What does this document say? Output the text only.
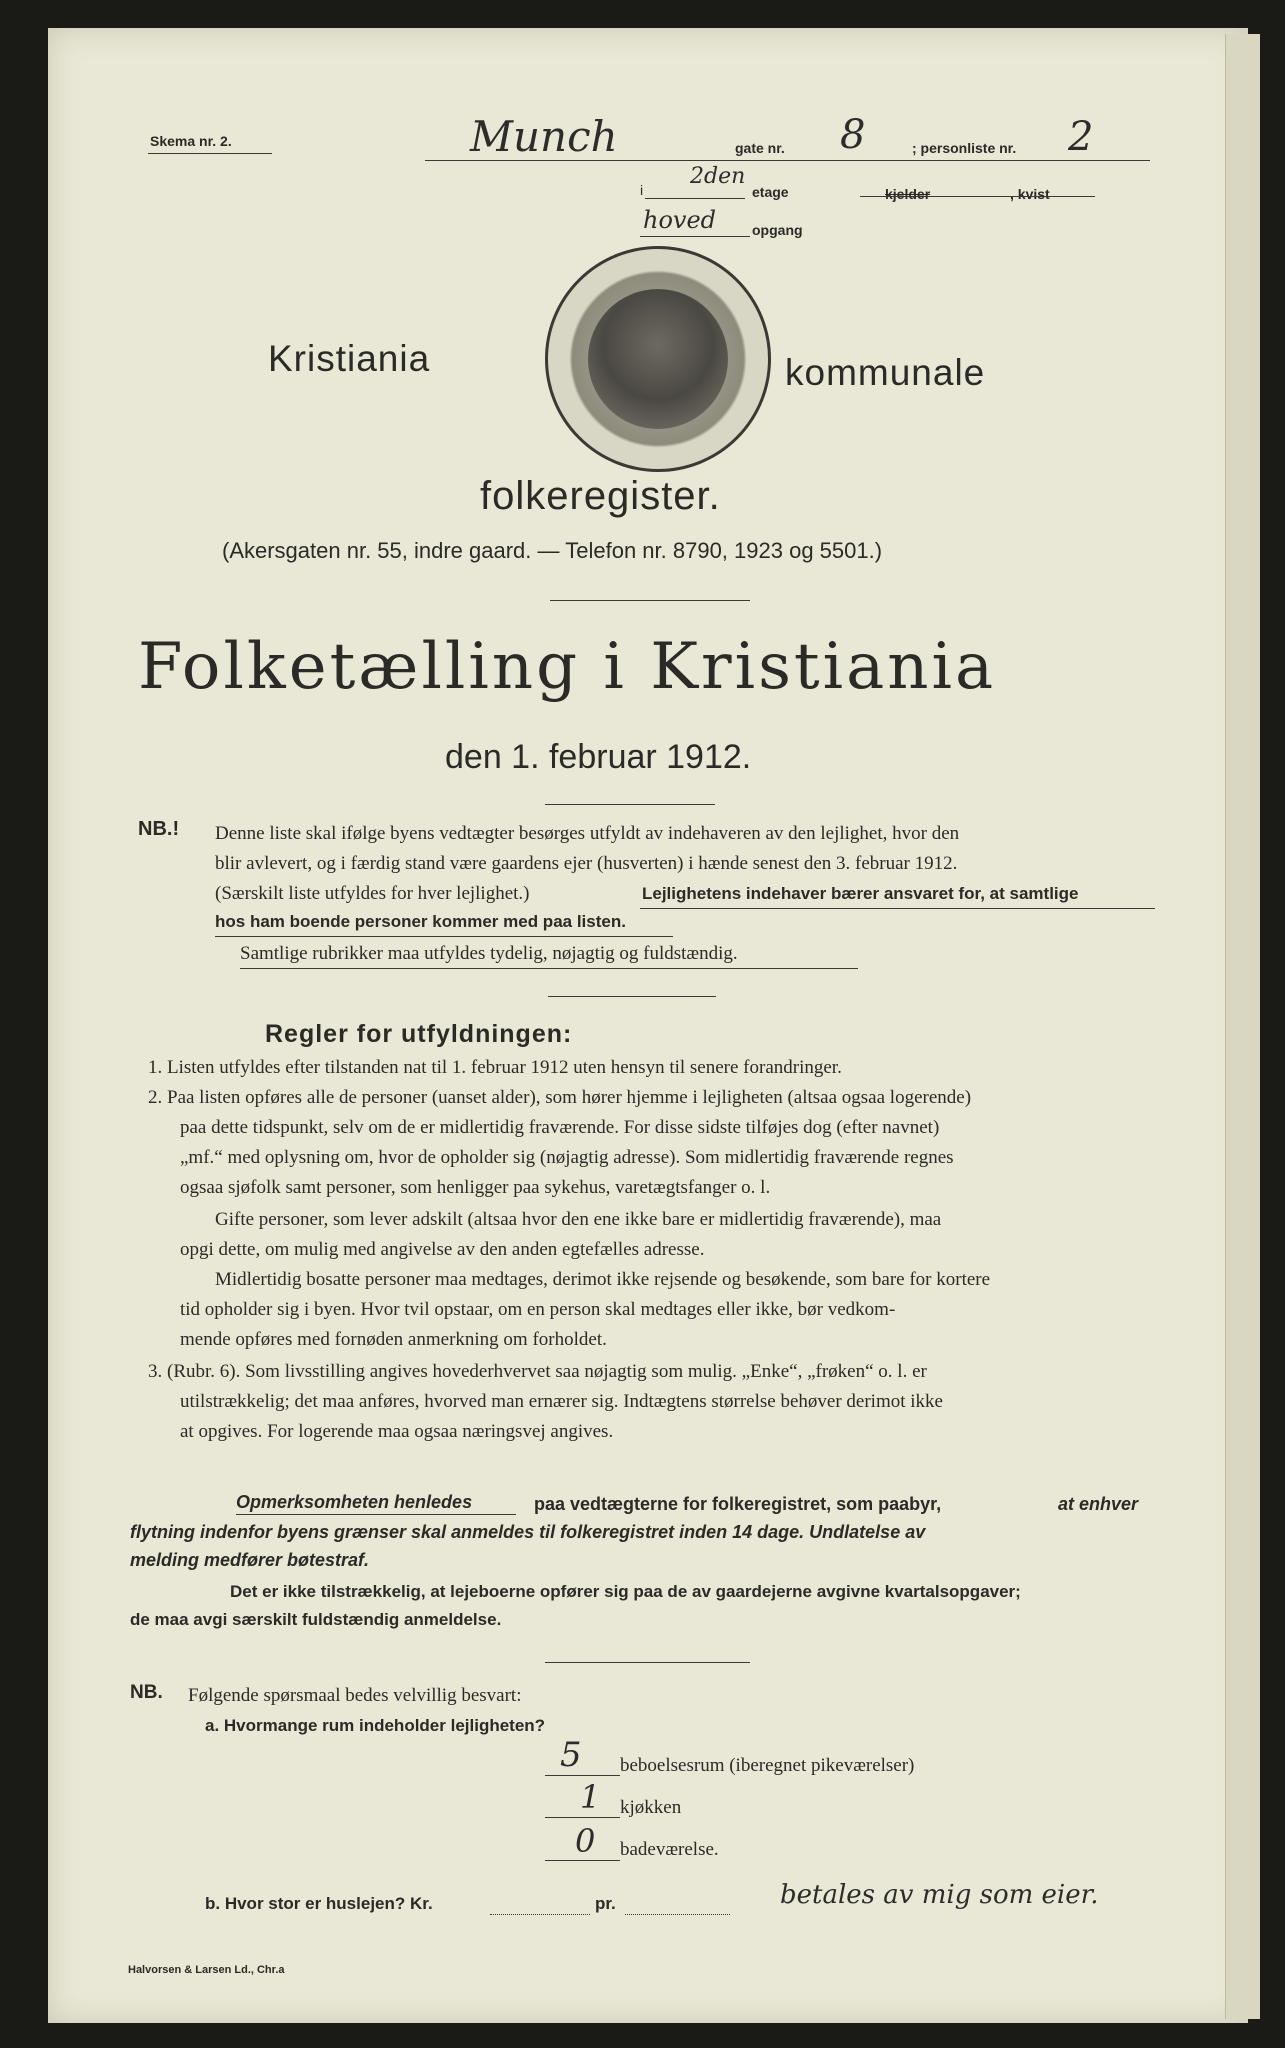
Skema nr. 2.	Munch	gate nr. 8	; personliste nr. 2
i
2den
etage	kjelder	, kvist
hoved	opgang
Kristiania	kommunale
folkeregister.
(Akersgaten nr. 55, indre gaard. — Telefon nr. 8790, 1923 og 5501.)
Folketælling i Kristiania
den 1. februar 1912.
NB.! Denne liste skal ifølge byens vedtægter besørges utfyldt av indehaveren av den lejlighet, hvor den
blir avlevert, og i færdig stand være gaardens ejer (husverten) i hænde senest den 3. februar 1912.
(Særskilt liste utfyldes for hver lejlighet.)	Lejlighetens indehaver bærer ansvaret for, at samtlige
hos ham boende personer kommer med paa listen.
Samtlige rubrikker maa utfyldes tydelig, nøjagtig og fuldstændig.
Regler for utfyldningen:
1. Listen utfyldes efter tilstanden nat til 1. februar 1912 uten hensyn til senere forandringer.
2. Paa listen opføres alle de personer (uanset alder), som hører hjemme i lejligheten (altsaa ogsaa logerende)
paa dette tidspunkt, selv om de er midlertidig fraværende. For disse sidste tilføjes dog (efter navnet)
„mf.“ med oplysning om, hvor de opholder sig (nøjagtig adresse). Som midlertidig fraværende regnes
ogsaa sjøfolk samt personer, som henligger paa sykehus, varetægtsfanger o. l.
Gifte personer, som lever adskilt (altsaa hvor den ene ikke bare er midlertidig fraværende), maa
opgi dette, om mulig med angivelse av den anden egtefælles adresse.
Midlertidig bosatte personer maa medtages, derimot ikke rejsende og besøkende, som bare for kortere
tid opholder sig i byen. Hvor tvil opstaar, om en person skal medtages eller ikke, bør vedkom-
mende opføres med fornøden anmerkning om forholdet.
3. (Rubr. 6). Som livsstilling angives hovederhvervet saa nøjagtig som mulig. „Enke“, „frøken“ o. l. er
utilstrækkelig; det maa anføres, hvorved man ernærer sig. Indtægtens størrelse behøver derimot ikke
at opgives. For logerende maa ogsaa næringsvej angives.
Opmerksomheten henledes	paa vedtægterne for folkeregistret, som paabyr,	at enhver
flytning indenfor byens grænser skal anmeldes til folkeregistret inden 14 dage. Undlatelse av
melding medfører bøtestraf.
Det er ikke tilstrækkelig, at lejeboerne opfører sig paa de av gaardejerne avgivne kvartalsopgaver;
de maa avgi særskilt fuldstændig anmeldelse.
NB. Følgende spørsmaal bedes velvillig besvart:
a. Hvormange rum indeholder lejligheten?
5 beboelsesrum (iberegnet pikeværelser)
1 kjøkken
0 badeværelse.
b. Hvor stor er huslejen? Kr.	pr.	betales av mig som eier.
Halvorsen & Larsen Ld., Chr.a
